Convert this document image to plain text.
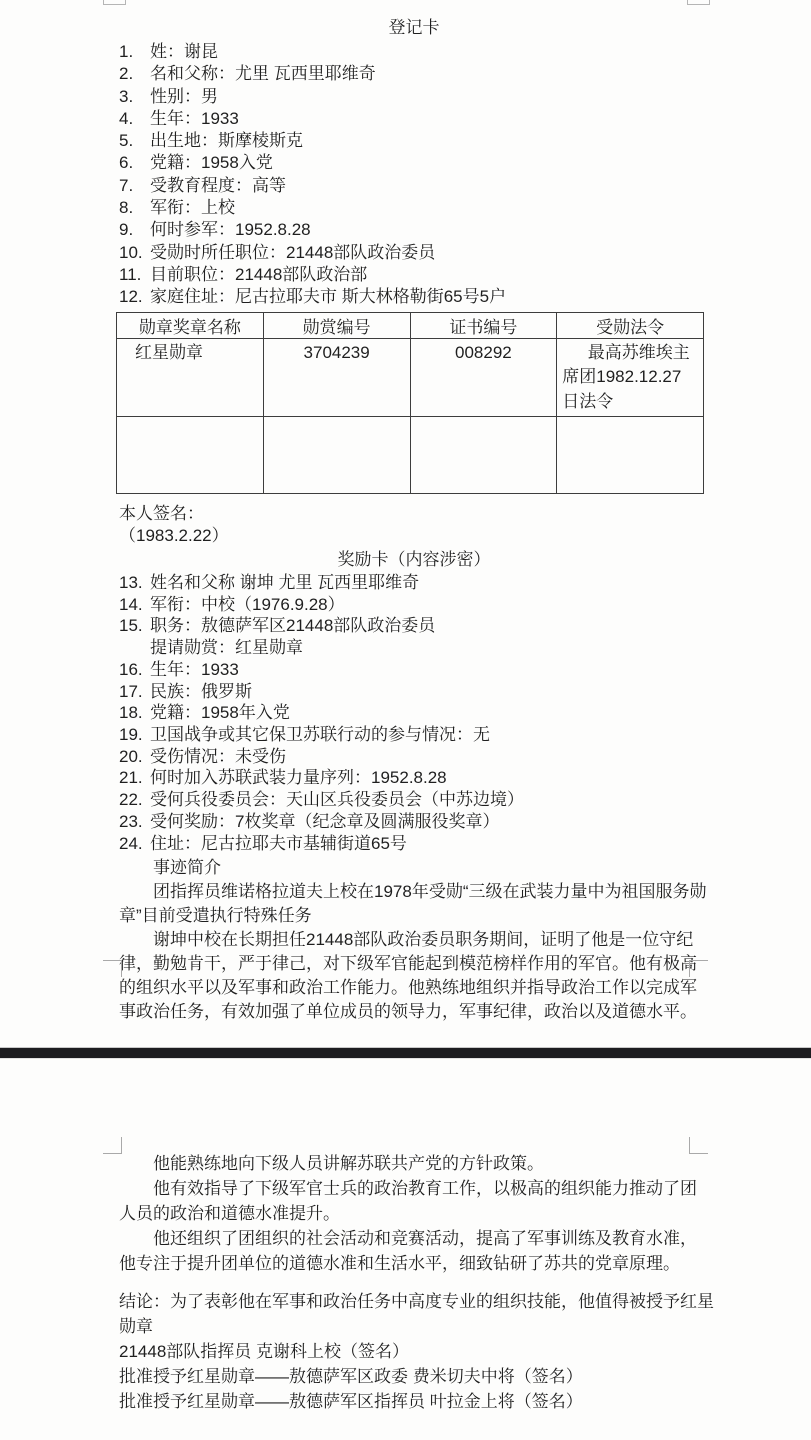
登记卡
1. 姓：谢昆
2. 名和父称：尤里 瓦西里耶维奇
3. 性别：男
4. 生年：1933
5. 出生地：斯摩棱斯克
6. 党籍：1958入党
7. 受教育程度：高等
8. 军衔：上校
9. 何时参军：1952.8.28
10. 受勋时所任职位：21448部队政治委员
11. 目前职位：21448部队政治部
12. 家庭住址：尼古拉耶夫市 斯大林格勒街65号5户
勋章奖章名称	勋赏编号	证书编号	受勋法令
红星勋章	3704239	008292	最高苏维埃主席团1982.12.27日法令

本人签名：
（1983.2.22）
奖励卡（内容涉密）
13. 姓名和父称 谢坤 尤里 瓦西里耶维奇
14. 军衔：中校（1976.9.28）
15. 职务：敖德萨军区21448部队政治委员
提请勋赏：红星勋章
16. 生年：1933
17. 民族：俄罗斯
18. 党籍：1958年入党
19. 卫国战争或其它保卫苏联行动的参与情况：无
20. 受伤情况：未受伤
21. 何时加入苏联武装力量序列：1952.8.28
22. 受何兵役委员会：天山区兵役委员会（中苏边境）
23. 受何奖励：7枚奖章（纪念章及圆满服役奖章）
24. 住址：尼古拉耶夫市基辅街道65号
事迹简介

团指挥员维诺格拉道夫上校在1978年受勋“三级在武装力量中为祖国服务勋章”目前受遣执行特殊任务

谢坤中校在长期担任21448部队政治委员职务期间，证明了他是一位守纪律，勤勉肯干，严于律己，对下级军官能起到模范榜样作用的军官。他有极高的组织水平以及军事和政治工作能力。他熟练地组织并指导政治工作以完成军事政治任务，有效加强了单位成员的领导力，军事纪律，政治以及道德水平。

他能熟练地向下级人员讲解苏联共产党的方针政策。

他有效指导了下级军官士兵的政治教育工作，以极高的组织能力推动了团人员的政治和道德水准提升。

他还组织了团组织的社会活动和竞赛活动，提高了军事训练及教育水准，他专注于提升团单位的道德水准和生活水平，细致钻研了苏共的党章原理。

结论：为了表彰他在军事和政治任务中高度专业的组织技能，他值得被授予红星勋章

21448部队指挥员 克谢科上校（签名）
批准授予红星勋章——敖德萨军区政委 费米切夫中将（签名）
批准授予红星勋章——敖德萨军区指挥员 叶拉金上将（签名）
